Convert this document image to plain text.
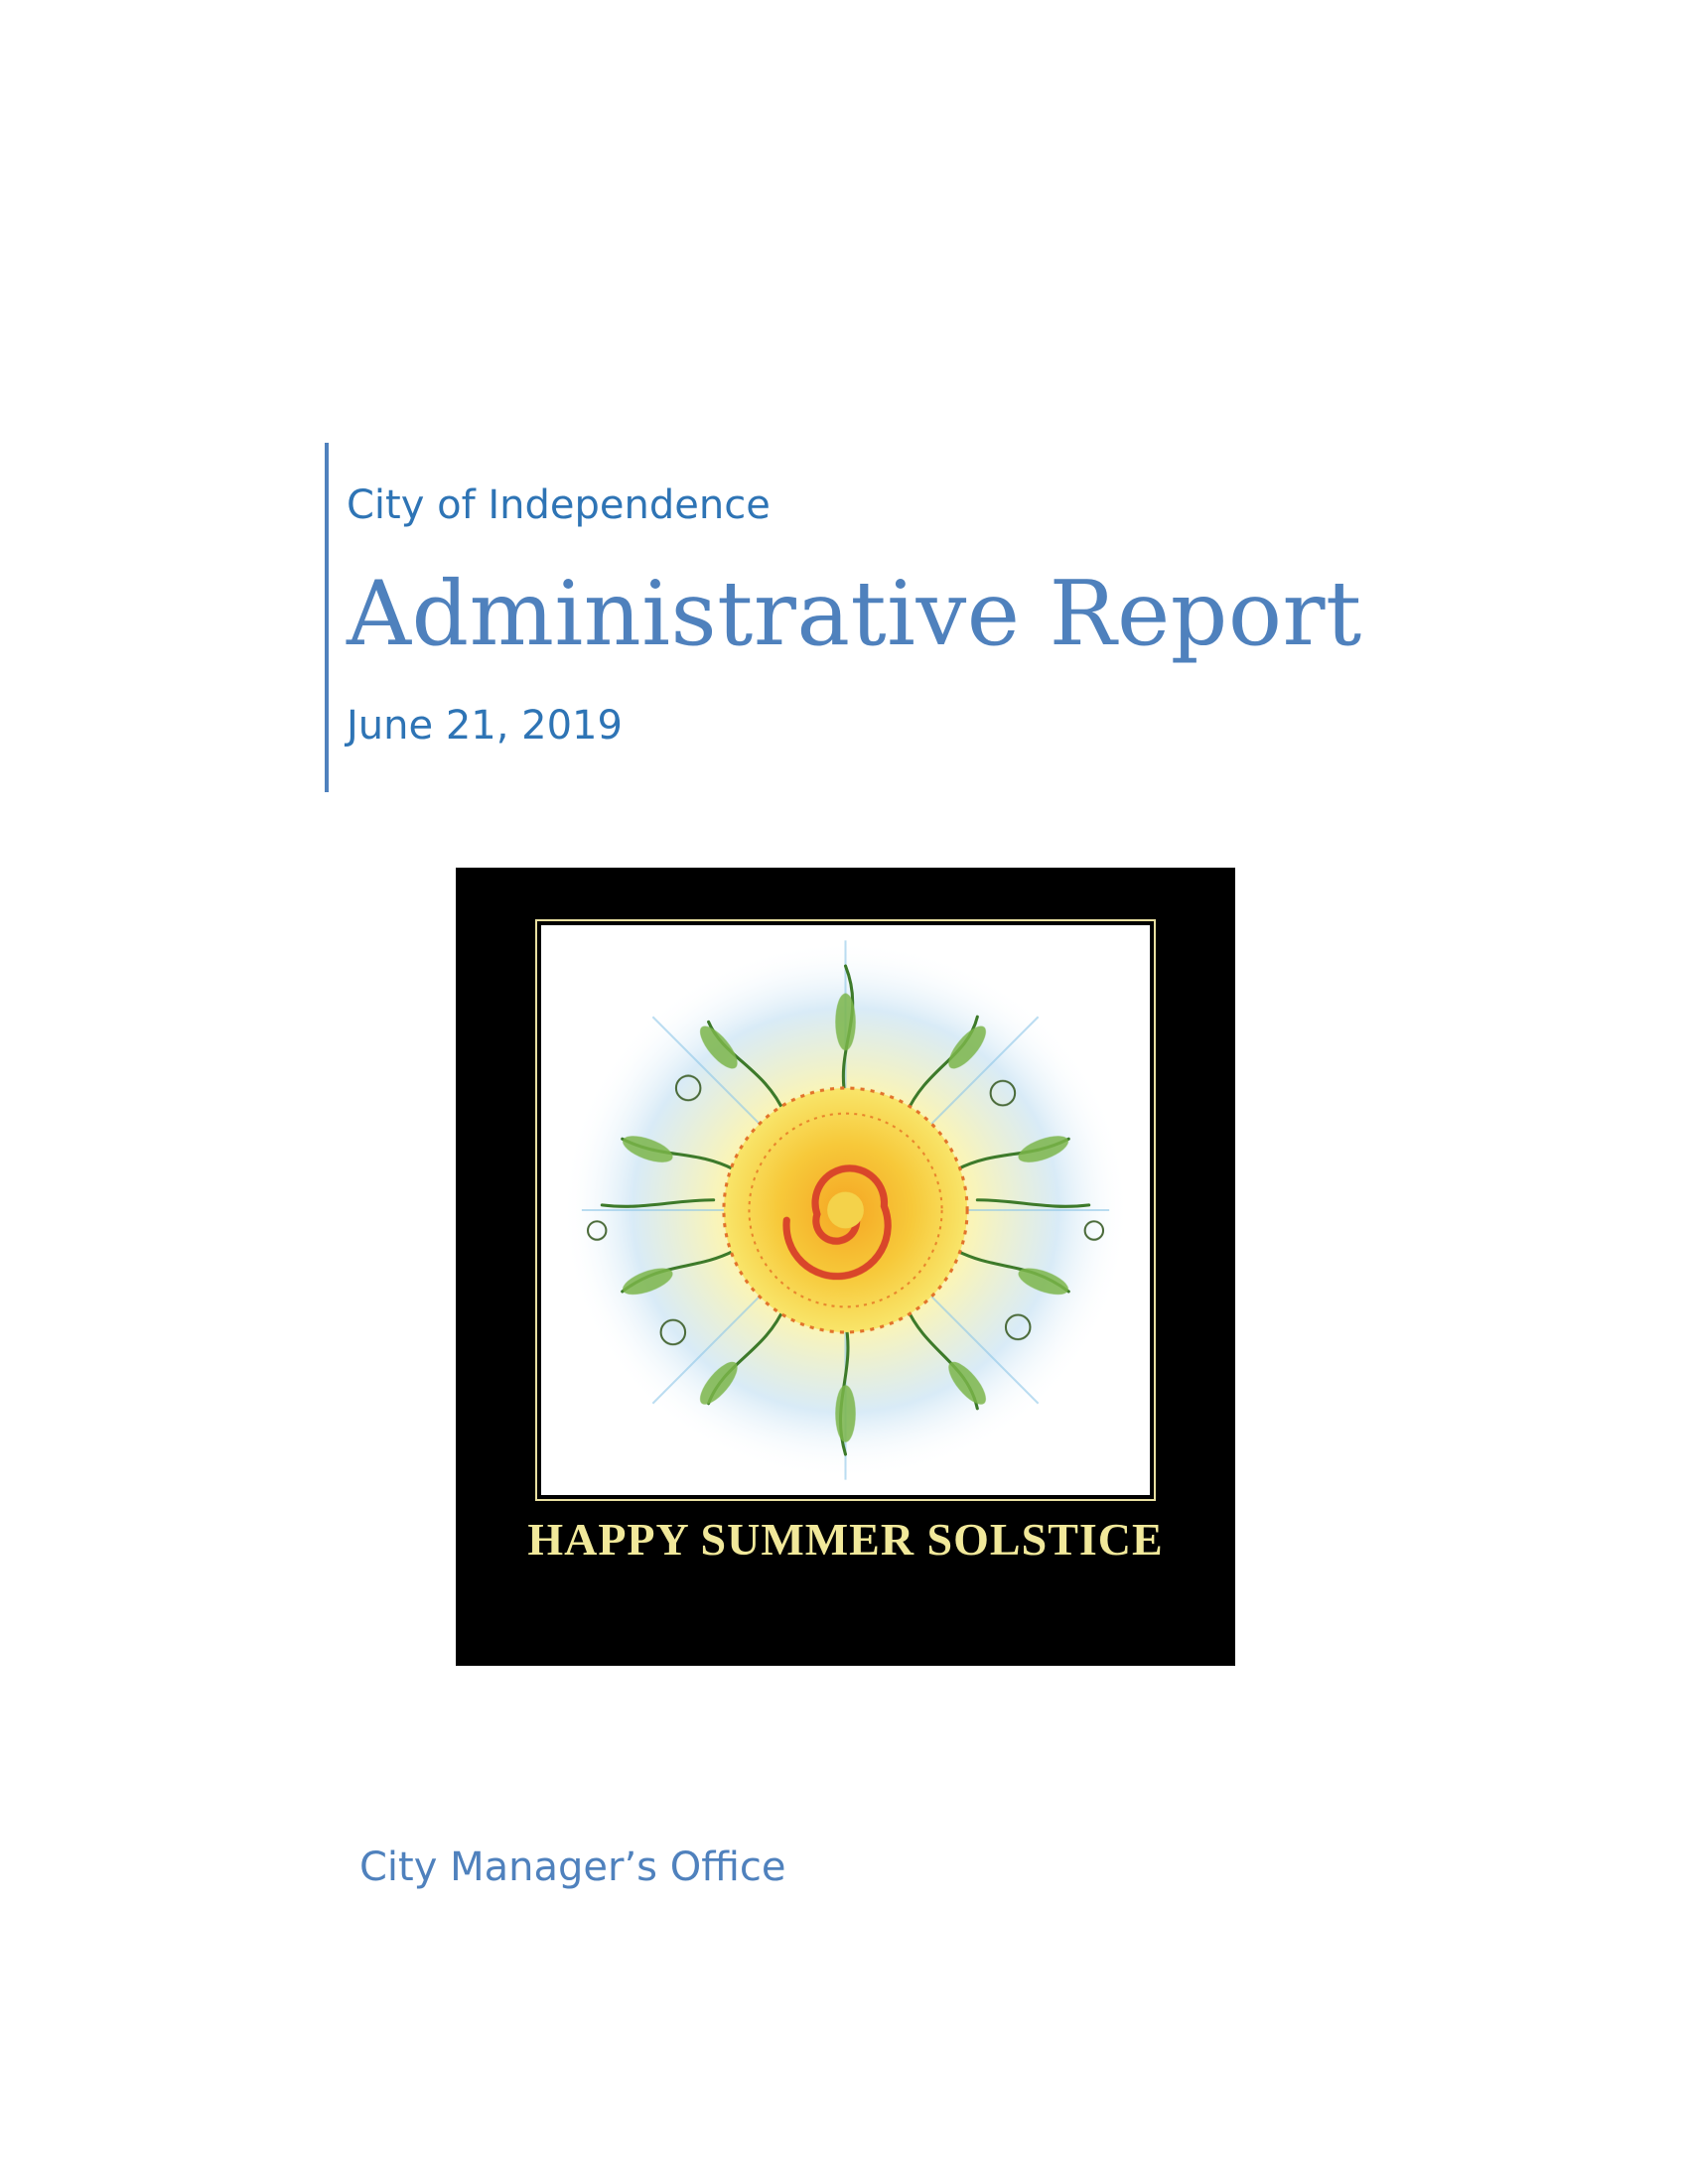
City of Independence
Administrative Report
June 21, 2019
HAPPY SUMMER SOLSTICE
City Manager’s Office
